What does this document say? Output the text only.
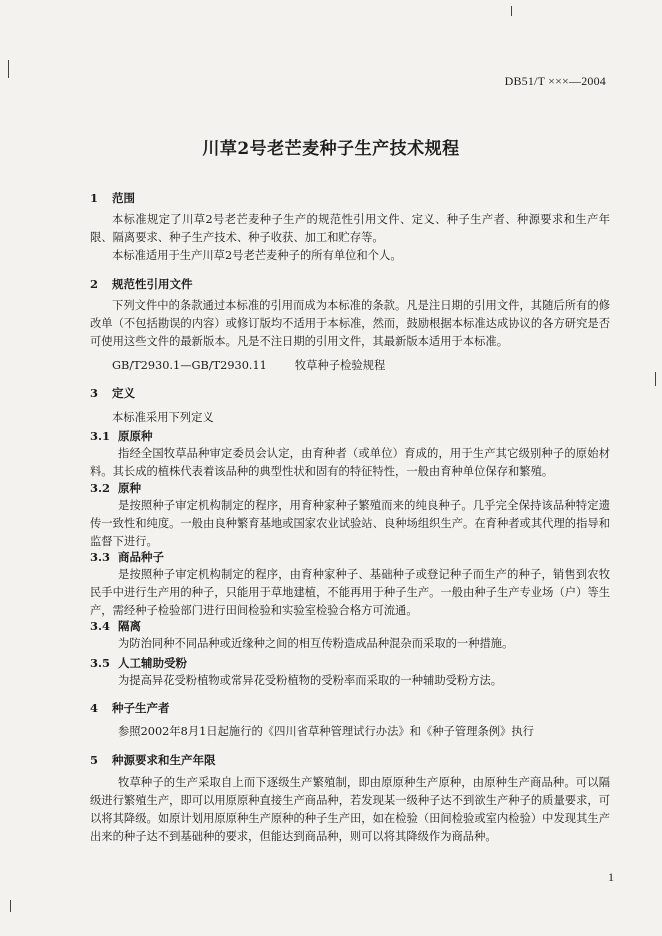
DB51/T ×××—2004
川草2号老芒麦种子生产技术规程
1 范围
本标准规定了川草2号老芒麦种子生产的规范性引用文件、定义、种子生产者、种源要求和生产年限、隔离要求、种子生产技术、种子收获、加工和贮存等。
本标准适用于生产川草2号老芒麦种子的所有单位和个人。
2 规范性引用文件
下列文件中的条款通过本标准的引用而成为本标准的条款。凡是注日期的引用文件，其随后所有的修改单（不包括勘误的内容）或修订版均不适用于本标准，然而，鼓励根据本标准达成协议的各方研究是否可使用这些文件的最新版本。凡是不注日期的引用文件，其最新版本适用于本标准。
GB/T2930.1—GB/T2930.11 牧草种子检验规程
3 定义
本标准采用下列定义
3.1 原原种
指经全国牧草品种审定委员会认定，由育种者（或单位）育成的，用于生产其它级别种子的原始材料。其长成的植株代表着该品种的典型性状和固有的特征特性，一般由育种单位保存和繁殖。
3.2 原种
是按照种子审定机构制定的程序，用育种家种子繁殖而来的纯良种子。几乎完全保持该品种特定遗传一致性和纯度。一般由良种繁育基地或国家农业试验站、良种场组织生产。在育种者或其代理的指导和监督下进行。
3.3 商品种子
是按照种子审定机构制定的程序，由育种家种子、基础种子或登记种子而生产的种子，销售到农牧民手中进行生产用的种子，只能用于草地建植，不能再用于种子生产。一般由种子生产专业场（户）等生产，需经种子检验部门进行田间检验和实验室检验合格方可流通。
3.4 隔离
为防治同种不同品种或近缘种之间的相互传粉造成品种混杂而采取的一种措施。
3.5 人工辅助受粉
为提高异花受粉植物或常异花受粉植物的受粉率而采取的一种辅助受粉方法。
4 种子生产者
参照2002年8月1日起施行的《四川省草种管理试行办法》和《种子管理条例》执行
5 种源要求和生产年限
牧草种子的生产采取自上而下逐级生产繁殖制，即由原原种生产原种，由原种生产商品种。可以隔级进行繁殖生产，即可以用原原种直接生产商品种，若发现某一级种子达不到欲生产种子的质量要求，可以将其降级。如原计划用原原种生产原种的种子生产田，如在检验（田间检验或室内检验）中发现其生产出来的种子达不到基础种的要求，但能达到商品种，则可以将其降级作为商品种。
1
